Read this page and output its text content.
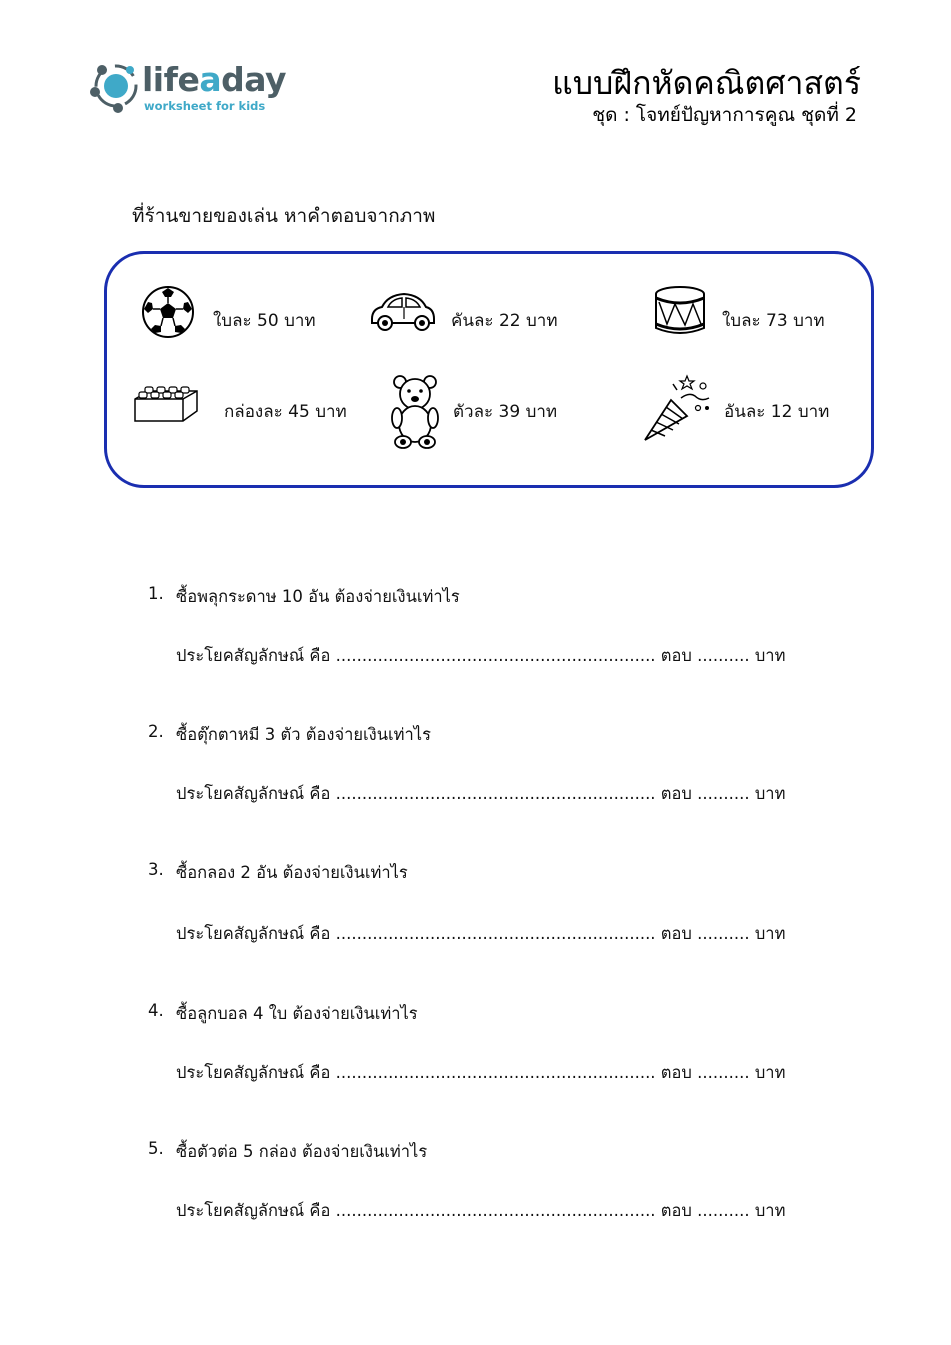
lifeaday
worksheet for kids
แบบฝึกหัดคณิตศาสตร์
ชุด : โจทย์ปัญหาการคูณ ชุดที่ 2
ที่ร้านขายของเล่น หาคำตอบจากภาพ
ใบละ 50 บาท	คันละ 22 บาท	ใบละ 73 บาท
กล่องละ 45 บาท	ตัวละ 39 บาท	อันละ 12 บาท
1. ซื้อพลุกระดาษ 10 อัน ต้องจ่ายเงินเท่าไร
ประโยคสัญลักษณ์ คือ ............................................................. ตอบ .......... บาท
2. ซื้อตุ๊กตาหมี 3 ตัว ต้องจ่ายเงินเท่าไร
ประโยคสัญลักษณ์ คือ ............................................................. ตอบ .......... บาท
3. ซื้อกลอง 2 อัน ต้องจ่ายเงินเท่าไร
ประโยคสัญลักษณ์ คือ ............................................................. ตอบ .......... บาท
4. ซื้อลูกบอล 4 ใบ ต้องจ่ายเงินเท่าไร
ประโยคสัญลักษณ์ คือ ............................................................. ตอบ .......... บาท
5. ซื้อตัวต่อ 5 กล่อง ต้องจ่ายเงินเท่าไร
ประโยคสัญลักษณ์ คือ ............................................................. ตอบ .......... บาท
